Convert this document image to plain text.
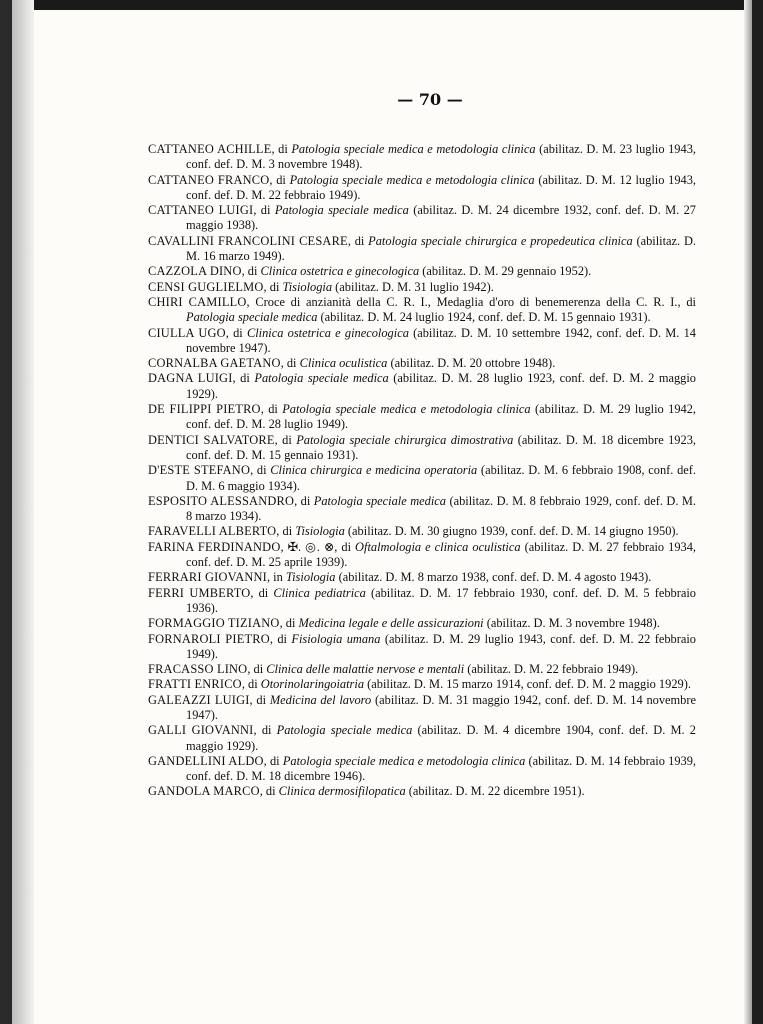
— 70 —

CATTANEO ACHILLE, di Patologia speciale medica e metodologia clinica (abilitaz. D. M. 23 luglio 1943, conf. def. D. M. 3 novembre 1948).

CATTANEO FRANCO, di Patologia speciale medica e metodologia clinica (abilitaz. D. M. 12 luglio 1943, conf. def. D. M. 22 febbraio 1949).

CATTANEO LUIGI, di Patologia speciale medica (abilitaz. D. M. 24 dicembre 1932, conf. def. D. M. 27 maggio 1938).

CAVALLINI FRANCOLINI CESARE, di Patologia speciale chirurgica e propedeutica clinica (abilitaz. D. M. 16 marzo 1949).

CAZZOLA DINO, di Clinica ostetrica e ginecologica (abilitaz. D. M. 29 gennaio 1952).

CENSI GUGLIELMO, di Tisiologia (abilitaz. D. M. 31 luglio 1942).

CHIRI CAMILLO, Croce di anzianità della C. R. I., Medaglia d'oro di benemerenza della C. R. I., di Patologia speciale medica (abilitaz. D. M. 24 luglio 1924, conf. def. D. M. 15 gennaio 1931).

CIULLA UGO, di Clinica ostetrica e ginecologica (abilitaz. D. M. 10 settembre 1942, conf. def. D. M. 14 novembre 1947).

CORNALBA GAETANO, di Clinica oculistica (abilitaz. D. M. 20 ottobre 1948).

DAGNA LUIGI, di Patologia speciale medica (abilitaz. D. M. 28 luglio 1923, conf. def. D. M. 2 maggio 1929).

DE FILIPPI PIETRO, di Patologia speciale medica e metodologia clinica (abilitaz. D. M. 29 luglio 1942, conf. def. D. M. 28 luglio 1949).

DENTICI SALVATORE, di Patologia speciale chirurgica dimostrativa (abilitaz. D. M. 18 dicembre 1923, conf. def. D. M. 15 gennaio 1931).

D'ESTE STEFANO, di Clinica chirurgica e medicina operatoria (abilitaz. D. M. 6 febbraio 1908, conf. def. D. M. 6 maggio 1934).

ESPOSITO ALESSANDRO, di Patologia speciale medica (abilitaz. D. M. 8 febbraio 1929, conf. def. D. M. 8 marzo 1934).

FARAVELLI ALBERTO, di Tisiologia (abilitaz. D. M. 30 giugno 1939, conf. def. D. M. 14 giugno 1950).

FARINA FERDINANDO, ✠. ◎. ⊗, di Oftalmologia e clinica oculistica (abilitaz. D. M. 27 febbraio 1934, conf. def. D. M. 25 aprile 1939).

FERRARI GIOVANNI, in Tisiologia (abilitaz. D. M. 8 marzo 1938, conf. def. D. M. 4 agosto 1943).

FERRI UMBERTO, di Clinica pediatrica (abilitaz. D. M. 17 febbraio 1930, conf. def. D. M. 5 febbraio 1936).

FORMAGGIO TIZIANO, di Medicina legale e delle assicurazioni (abilitaz. D. M. 3 novembre 1948).

FORNAROLI PIETRO, di Fisiologia umana (abilitaz. D. M. 29 luglio 1943, conf. def. D. M. 22 febbraio 1949).

FRACASSO LINO, di Clinica delle malattie nervose e mentali (abilitaz. D. M. 22 febbraio 1949).

FRATTI ENRICO, di Otorinolaringoiatria (abilitaz. D. M. 15 marzo 1914, conf. def. D. M. 2 maggio 1929).

GALEAZZI LUIGI, di Medicina del lavoro (abilitaz. D. M. 31 maggio 1942, conf. def. D. M. 14 novembre 1947).

GALLI GIOVANNI, di Patologia speciale medica (abilitaz. D. M. 4 dicembre 1904, conf. def. D. M. 2 maggio 1929).

GANDELLINI ALDO, di Patologia speciale medica e metodologia clinica (abilitaz. D. M. 14 febbraio 1939, conf. def. D. M. 18 dicembre 1946).

GANDOLA MARCO, di Clinica dermosifilopatica (abilitaz. D. M. 22 dicembre 1951).
